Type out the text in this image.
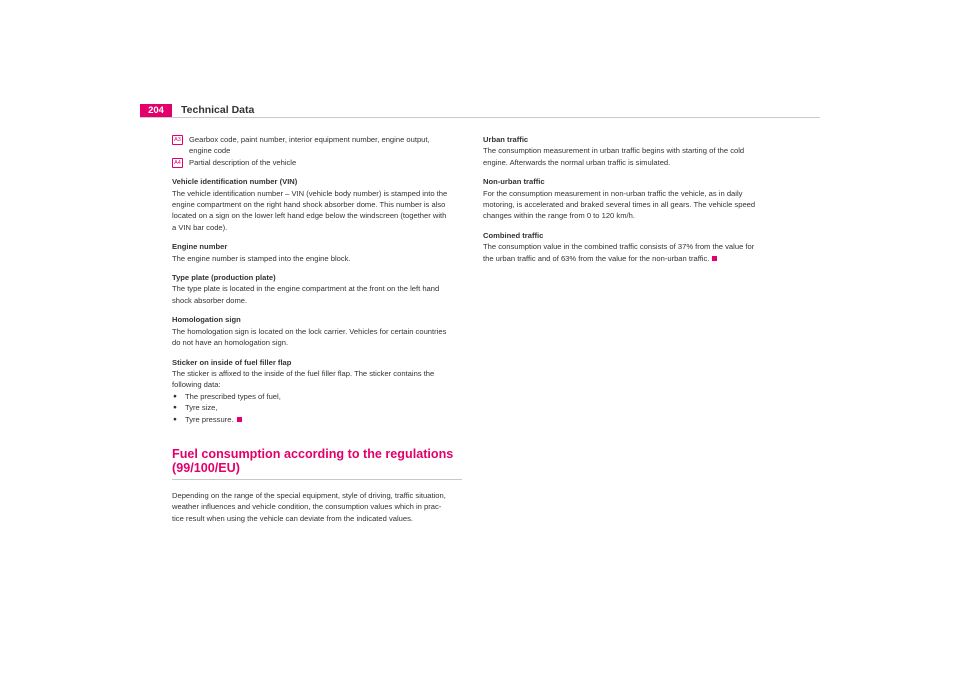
204	Technical Data
A3 Gearbox code, paint number, interior equipment number, engine output,
engine code
A4 Partial description of the vehicle
Vehicle identification number (VIN)
The vehicle identification number – VIN (vehicle body number) is stamped into the
engine compartment on the right hand shock absorber dome. This number is also
located on a sign on the lower left hand edge below the windscreen (together with
a VIN bar code).
Engine number
The engine number is stamped into the engine block.
Type plate (production plate)
The type plate is located in the engine compartment at the front on the left hand
shock absorber dome.
Homologation sign
The homologation sign is located on the lock carrier. Vehicles for certain countries
do not have an homologation sign.
Sticker on inside of fuel filler flap
The sticker is affixed to the inside of the fuel filler flap. The sticker contains the
following data:
● The prescribed types of fuel,
● Tyre size,
● Tyre pressure.
Fuel consumption according to the regulations
(99/100/EU)
Depending on the range of the special equipment, style of driving, traffic situation,
weather influences and vehicle condition, the consumption values which in prac-
tice result when using the vehicle can deviate from the indicated values.
Urban traffic
The consumption measurement in urban traffic begins with starting of the cold
engine. Afterwards the normal urban traffic is simulated.
Non-urban traffic
For the consumption measurement in non-urban traffic the vehicle, as in daily
motoring, is accelerated and braked several times in all gears. The vehicle speed
changes within the range from 0 to 120 km/h.
Combined traffic
The consumption value in the combined traffic consists of 37% from the value for
the urban traffic and of 63% from the value for the non-urban traffic.
